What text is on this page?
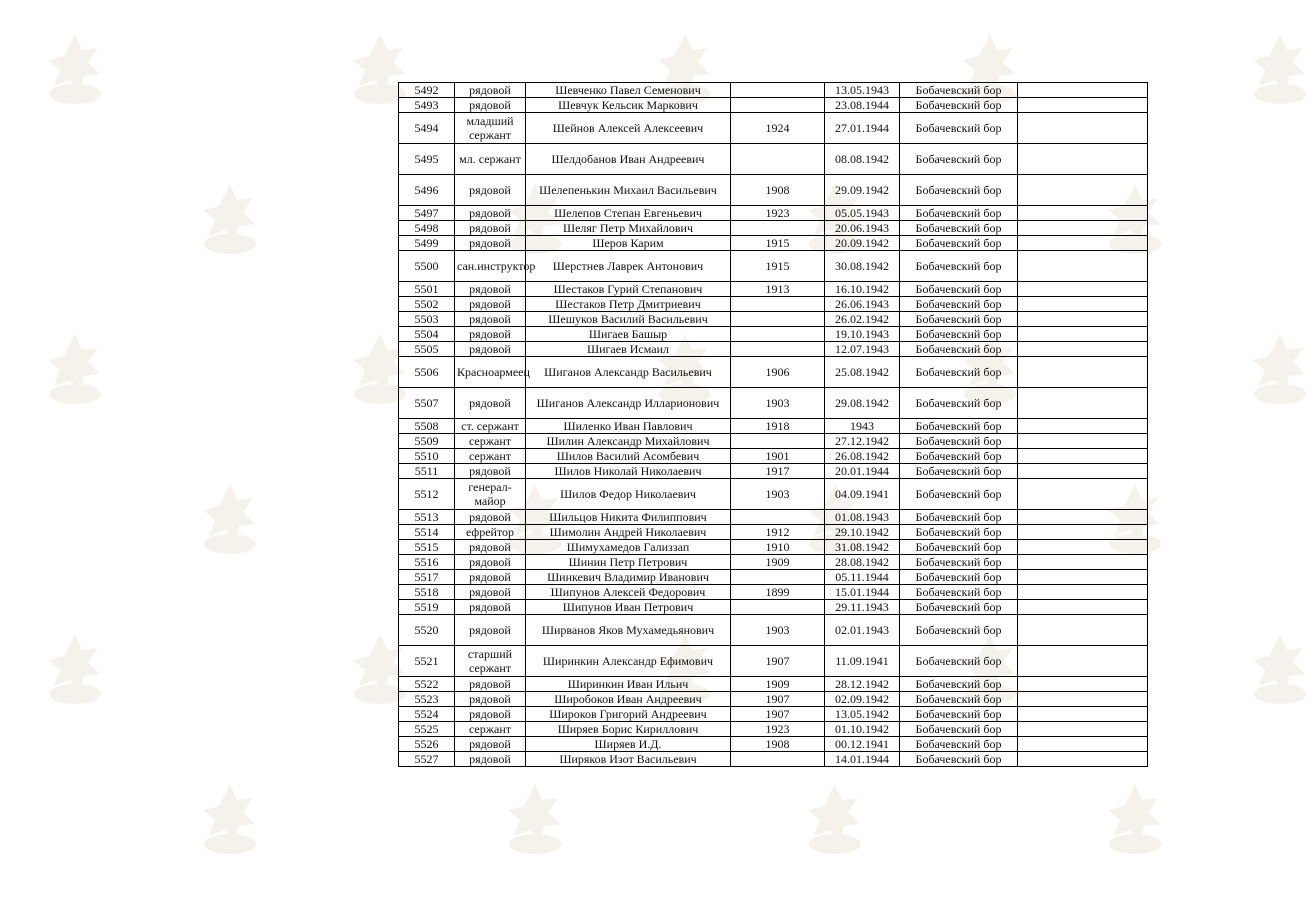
5492	рядовой	Шевченко Павел Семенович		13.05.1943	Бобачевский бор	
5493	рядовой	Шевчук Кельсик Маркович		23.08.1944	Бобачевский бор	
5494	младший сержант	Шейнов Алексей Алексеевич	1924	27.01.1944	Бобачевский бор	
5495	мл. сержант	Шелдобанов Иван Андреевич		08.08.1942	Бобачевский бор	
5496	рядовой	Шелепенькин Михаил Васильевич	1908	29.09.1942	Бобачевский бор	
5497	рядовой	Шелепов Степан Евгеньевич	1923	05.05.1943	Бобачевский бор	
5498	рядовой	Шеляг Петр Михайлович		20.06.1943	Бобачевский бор	
5499	рядовой	Шеров Карим	1915	20.09.1942	Бобачевский бор	
5500	сан.инструктор	Шерстнев Лаврек Антонович	1915	30.08.1942	Бобачевский бор	
5501	рядовой	Шестаков Гурий Степанович	1913	16.10.1942	Бобачевский бор	
5502	рядовой	Шестаков Петр Дмитриевич		26.06.1943	Бобачевский бор	
5503	рядовой	Шешуков Василий Васильевич		26.02.1942	Бобачевский бор	
5504	рядовой	Шигаев Башыр		19.10.1943	Бобачевский бор	
5505	рядовой	Шигаев Исмаил		12.07.1943	Бобачевский бор	
5506	Красноармеец	Шиганов Александр Васильевич	1906	25.08.1942	Бобачевский бор	
5507	рядовой	Шиганов Александр Илларионович	1903	29.08.1942	Бобачевский бор	
5508	ст. сержант	Шиленко Иван Павлович	1918	1943	Бобачевский бор	
5509	сержант	Шилин Александр Михайлович		27.12.1942	Бобачевский бор	
5510	сержант	Шилов Василий Асомбевич	1901	26.08.1942	Бобачевский бор	
5511	рядовой	Шилов Николай Николаевич	1917	20.01.1944	Бобачевский бор	
5512	генерал-майор	Шилов Федор Николаевич	1903	04.09.1941	Бобачевский бор	
5513	рядовой	Шильцов Никита Филиппович		01.08.1943	Бобачевский бор	
5514	ефрейтор	Шимолин Андрей Николаевич	1912	29.10.1942	Бобачевский бор	
5515	рядовой	Шимухамедов Гализзап	1910	31.08.1942	Бобачевский бор	
5516	рядовой	Шинин Петр Петрович	1909	28.08.1942	Бобачевский бор	
5517	рядовой	Шинкевич Владимир Иванович		05.11.1944	Бобачевский бор	
5518	рядовой	Шипунов Алексей Федорович	1899	15.01.1944	Бобачевский бор	
5519	рядовой	Шипунов Иван Петрович		29.11.1943	Бобачевский бор	
5520	рядовой	Ширванов Яков Мухамедьянович	1903	02.01.1943	Бобачевский бор	
5521	старший сержант	Ширинкин Александр Ефимович	1907	11.09.1941	Бобачевский бор	
5522	рядовой	Ширинкин Иван Ильич	1909	28.12.1942	Бобачевский бор	
5523	рядовой	Широбоков Иван Андреевич	1907	02.09.1942	Бобачевский бор	
5524	рядовой	Широков Григорий Андреевич	1907	13.05.1942	Бобачевский бор	
5525	сержант	Ширяев Борис Кириллович	1923	01.10.1942	Бобачевский бор	
5526	рядовой	Ширяев И.Д.	1908	00.12.1941	Бобачевский бор	
5527	рядовой	Ширяков Изот Васильевич		14.01.1944	Бобачевский бор	
